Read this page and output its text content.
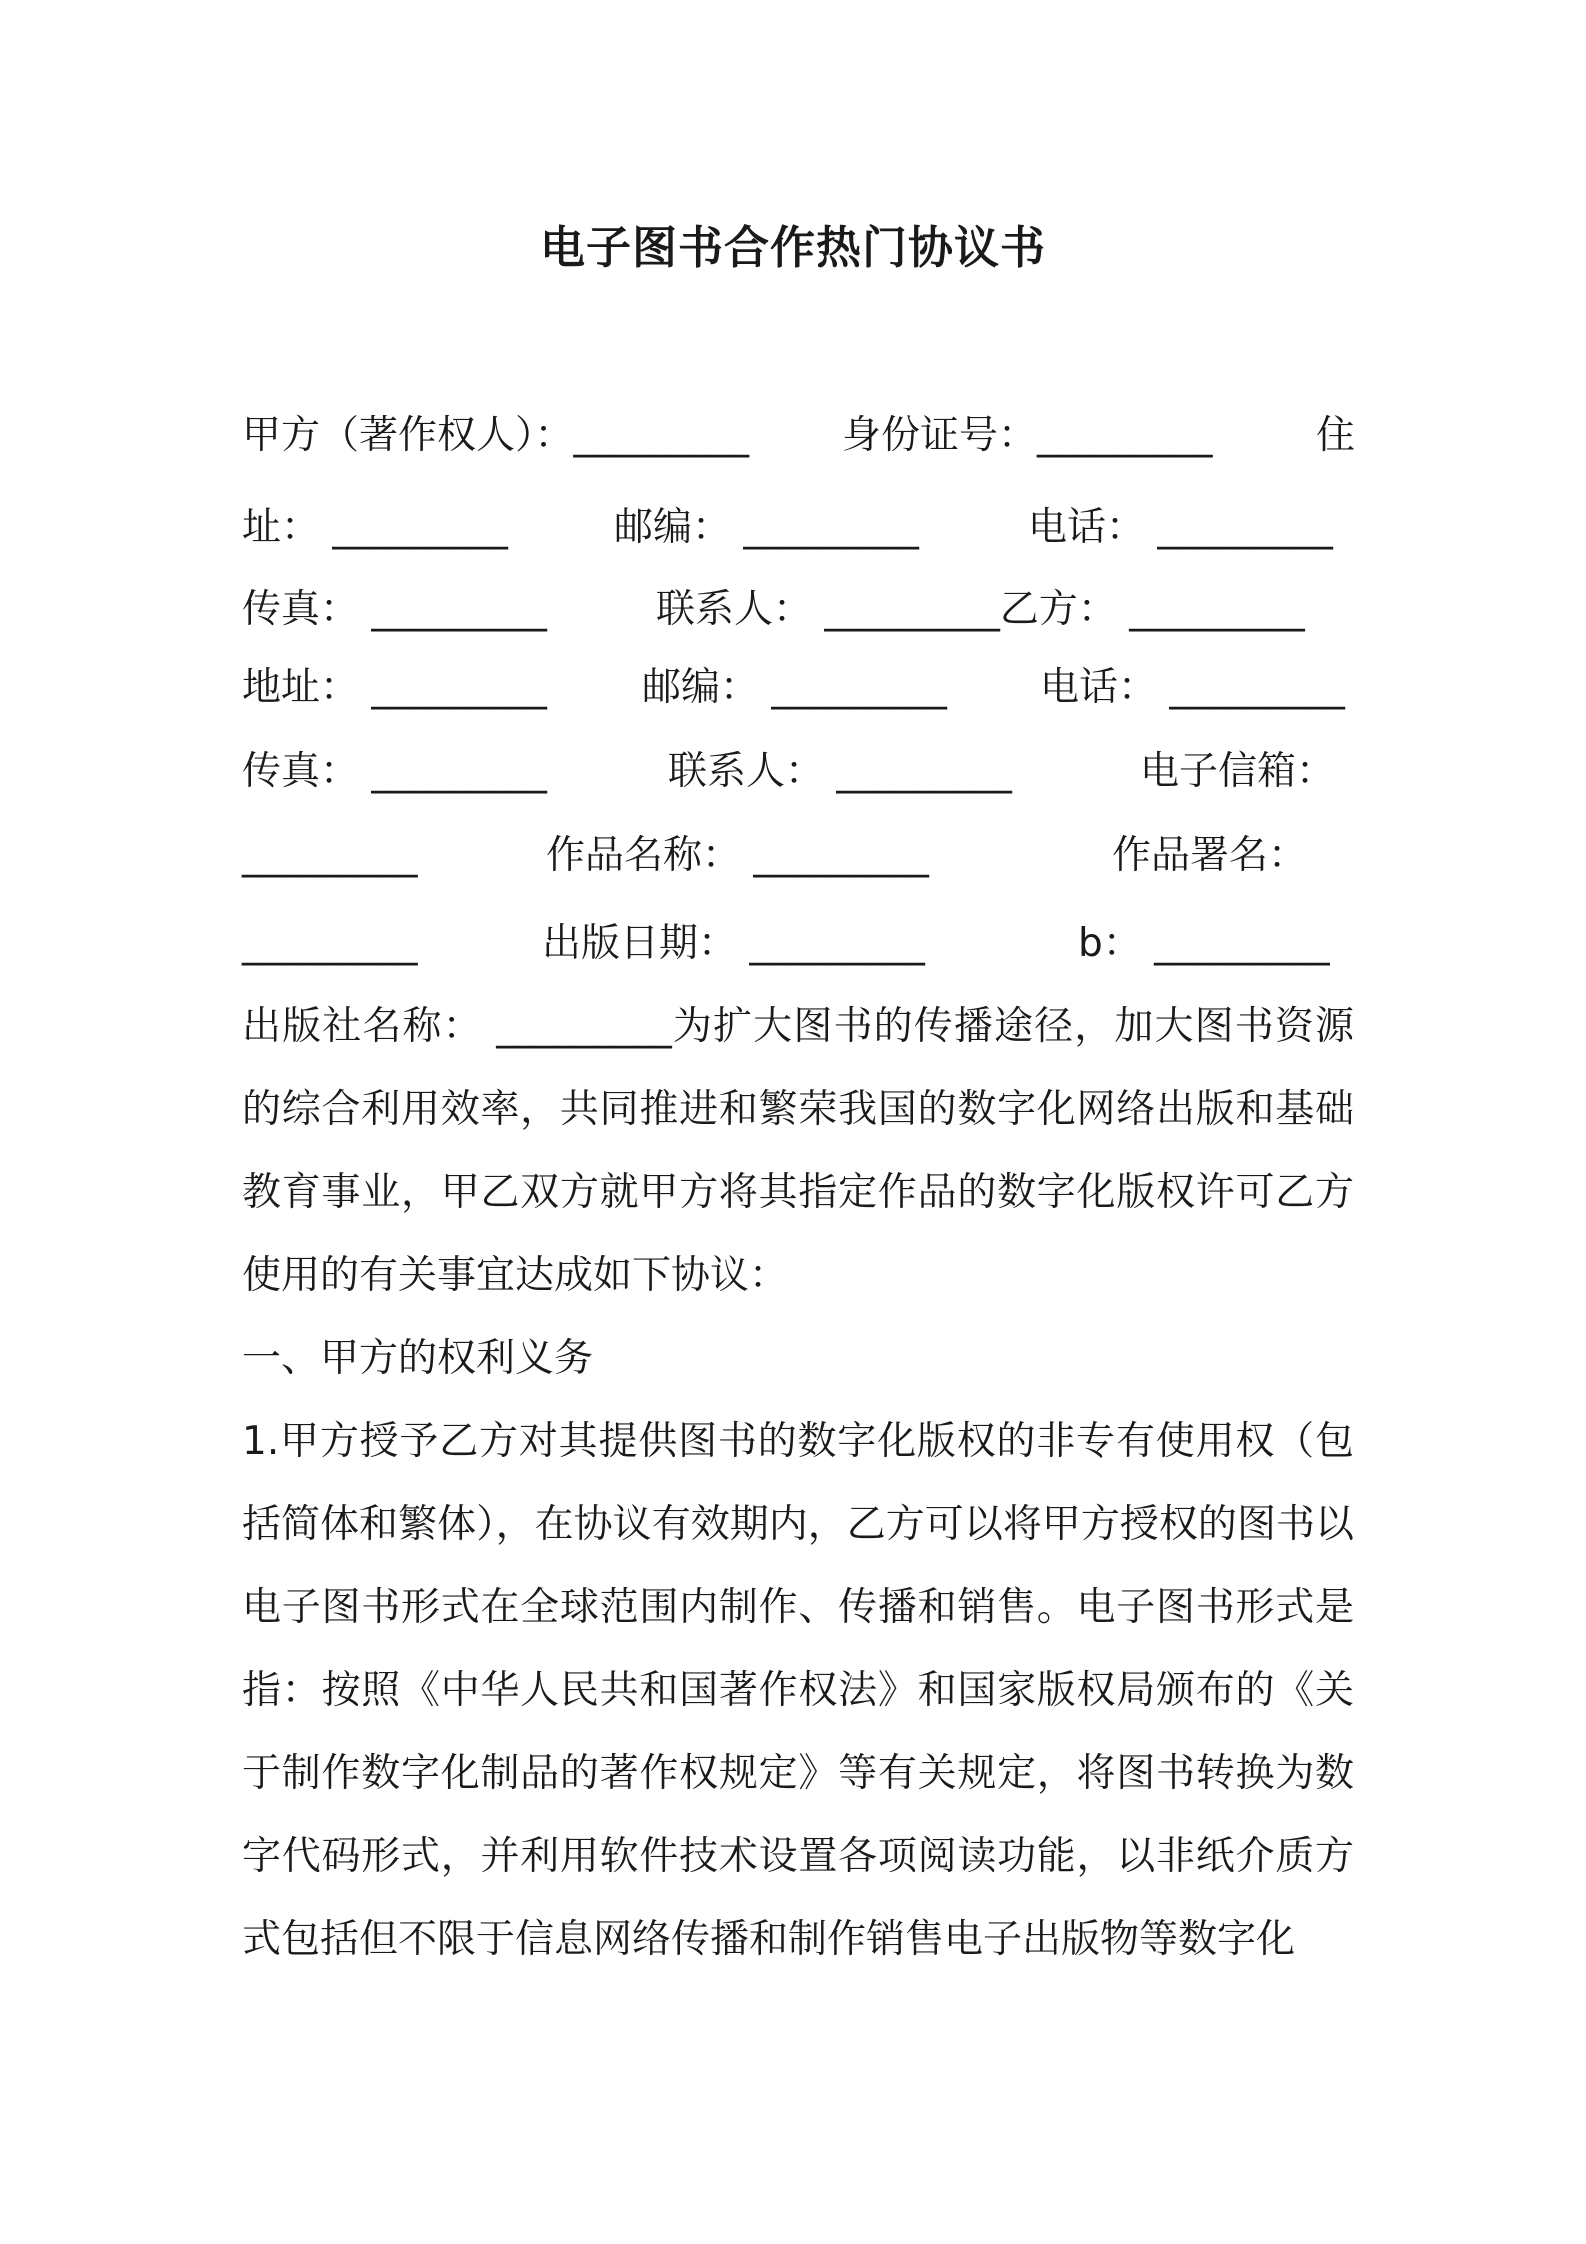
电子图书合作热门协议书
甲方（著作权人）：_________ 身份证号：_________	住
址： _________	邮编： _________	电话： _________
传真： _________	联系人： _________乙方： _________
地址： _________ 邮编： _________ 电话： _________
传真： _________	联系人： _________	电子信箱：
_________	作品名称： _________	作品署名：
_________	出版日期： _________	b： _________

出版社名称： _________为扩大图书的传播途径，加大图书资源的综合利用效率，共同推进和繁荣我国的数字化网络出版和基础教育事业，甲乙双方就甲方将其指定作品的数字化版权许可乙方使用的有关事宜达成如下协议：

一、甲方的权利义务

1.甲方授予乙方对其提供图书的数字化版权的非专有使用权（包括简体和繁体），在协议有效期内，乙方可以将甲方授权的图书以电子图书形式在全球范围内制作、传播和销售。电子图书形式是指：按照《中华人民共和国著作权法》和国家版权局颁布的《关于制作数字化制品的著作权规定》等有关规定，将图书转换为数字代码形式，并利用软件技术设置各项阅读功能，以非纸介质方式包括但不限于信息网络传播和制作销售电子出版物等数字化
